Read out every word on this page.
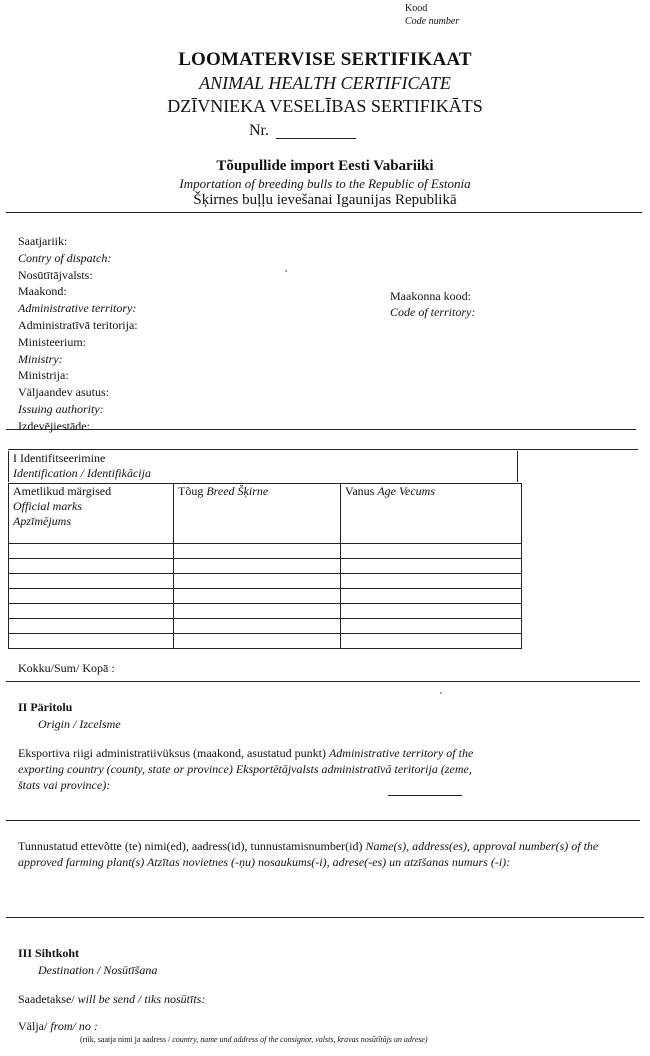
Kood
Code number
LOOMATERVISE SERTIFIKAAT
ANIMAL HEALTH CERTIFICATE
DZĪVNIEKA VESELĪBAS SERTIFIKĀTS
Nr.
Tõupullide import Eesti Vabariiki
Importation of breeding bulls to the Republic of Estonia
Šķirnes buļļu ievešanai Igaunijas Republikā
Saatjariik:
Contry of dispatch:
Nosūtītājvalsts:
Maakond:
Administrative territory:
Administratīvā teritorija:
Ministeerium:
Ministry:
Ministrija:
Väljaandev asutus:
Issuing authority:
Izdevējiestāde:
Maakonna kood:
Code of territory:
I Identifitseerimine
Identification / Identifikācija
Ametlikud märgised
Official marks
Apzīmējums	Tõug Breed Šķirne	Vanus Age Vecums

Kokku/Sum/ Kopā :
II Päritolu
Origin / Izcelsme
Eksportiva riigi administratiivüksus (maakond, asustatud punkt) Administrative territory of the exporting country (county, state or province) Eksportētājvalsts administratīvā teritorija (zeme, štats vai province):
Tunnustatud ettevõtte (te) nimi(ed), aadress(id), tunnustamisnumber(id) Name(s), address(es), approval number(s) of the approved farming plant(s) Atzītas novietnes (-ņu) nosaukums(-i), adrese(-es) un atzīšanas numurs (-i):
III Sihtkoht
Destination / Nosūtīšana
Saadetakse/ will be send / tiks nosūtīts:
Välja/ from/ no :
(riik, saatja nimi ja aadress / country, name und address of the consignor, valsts, kravas nosūtītājs un adrese)
